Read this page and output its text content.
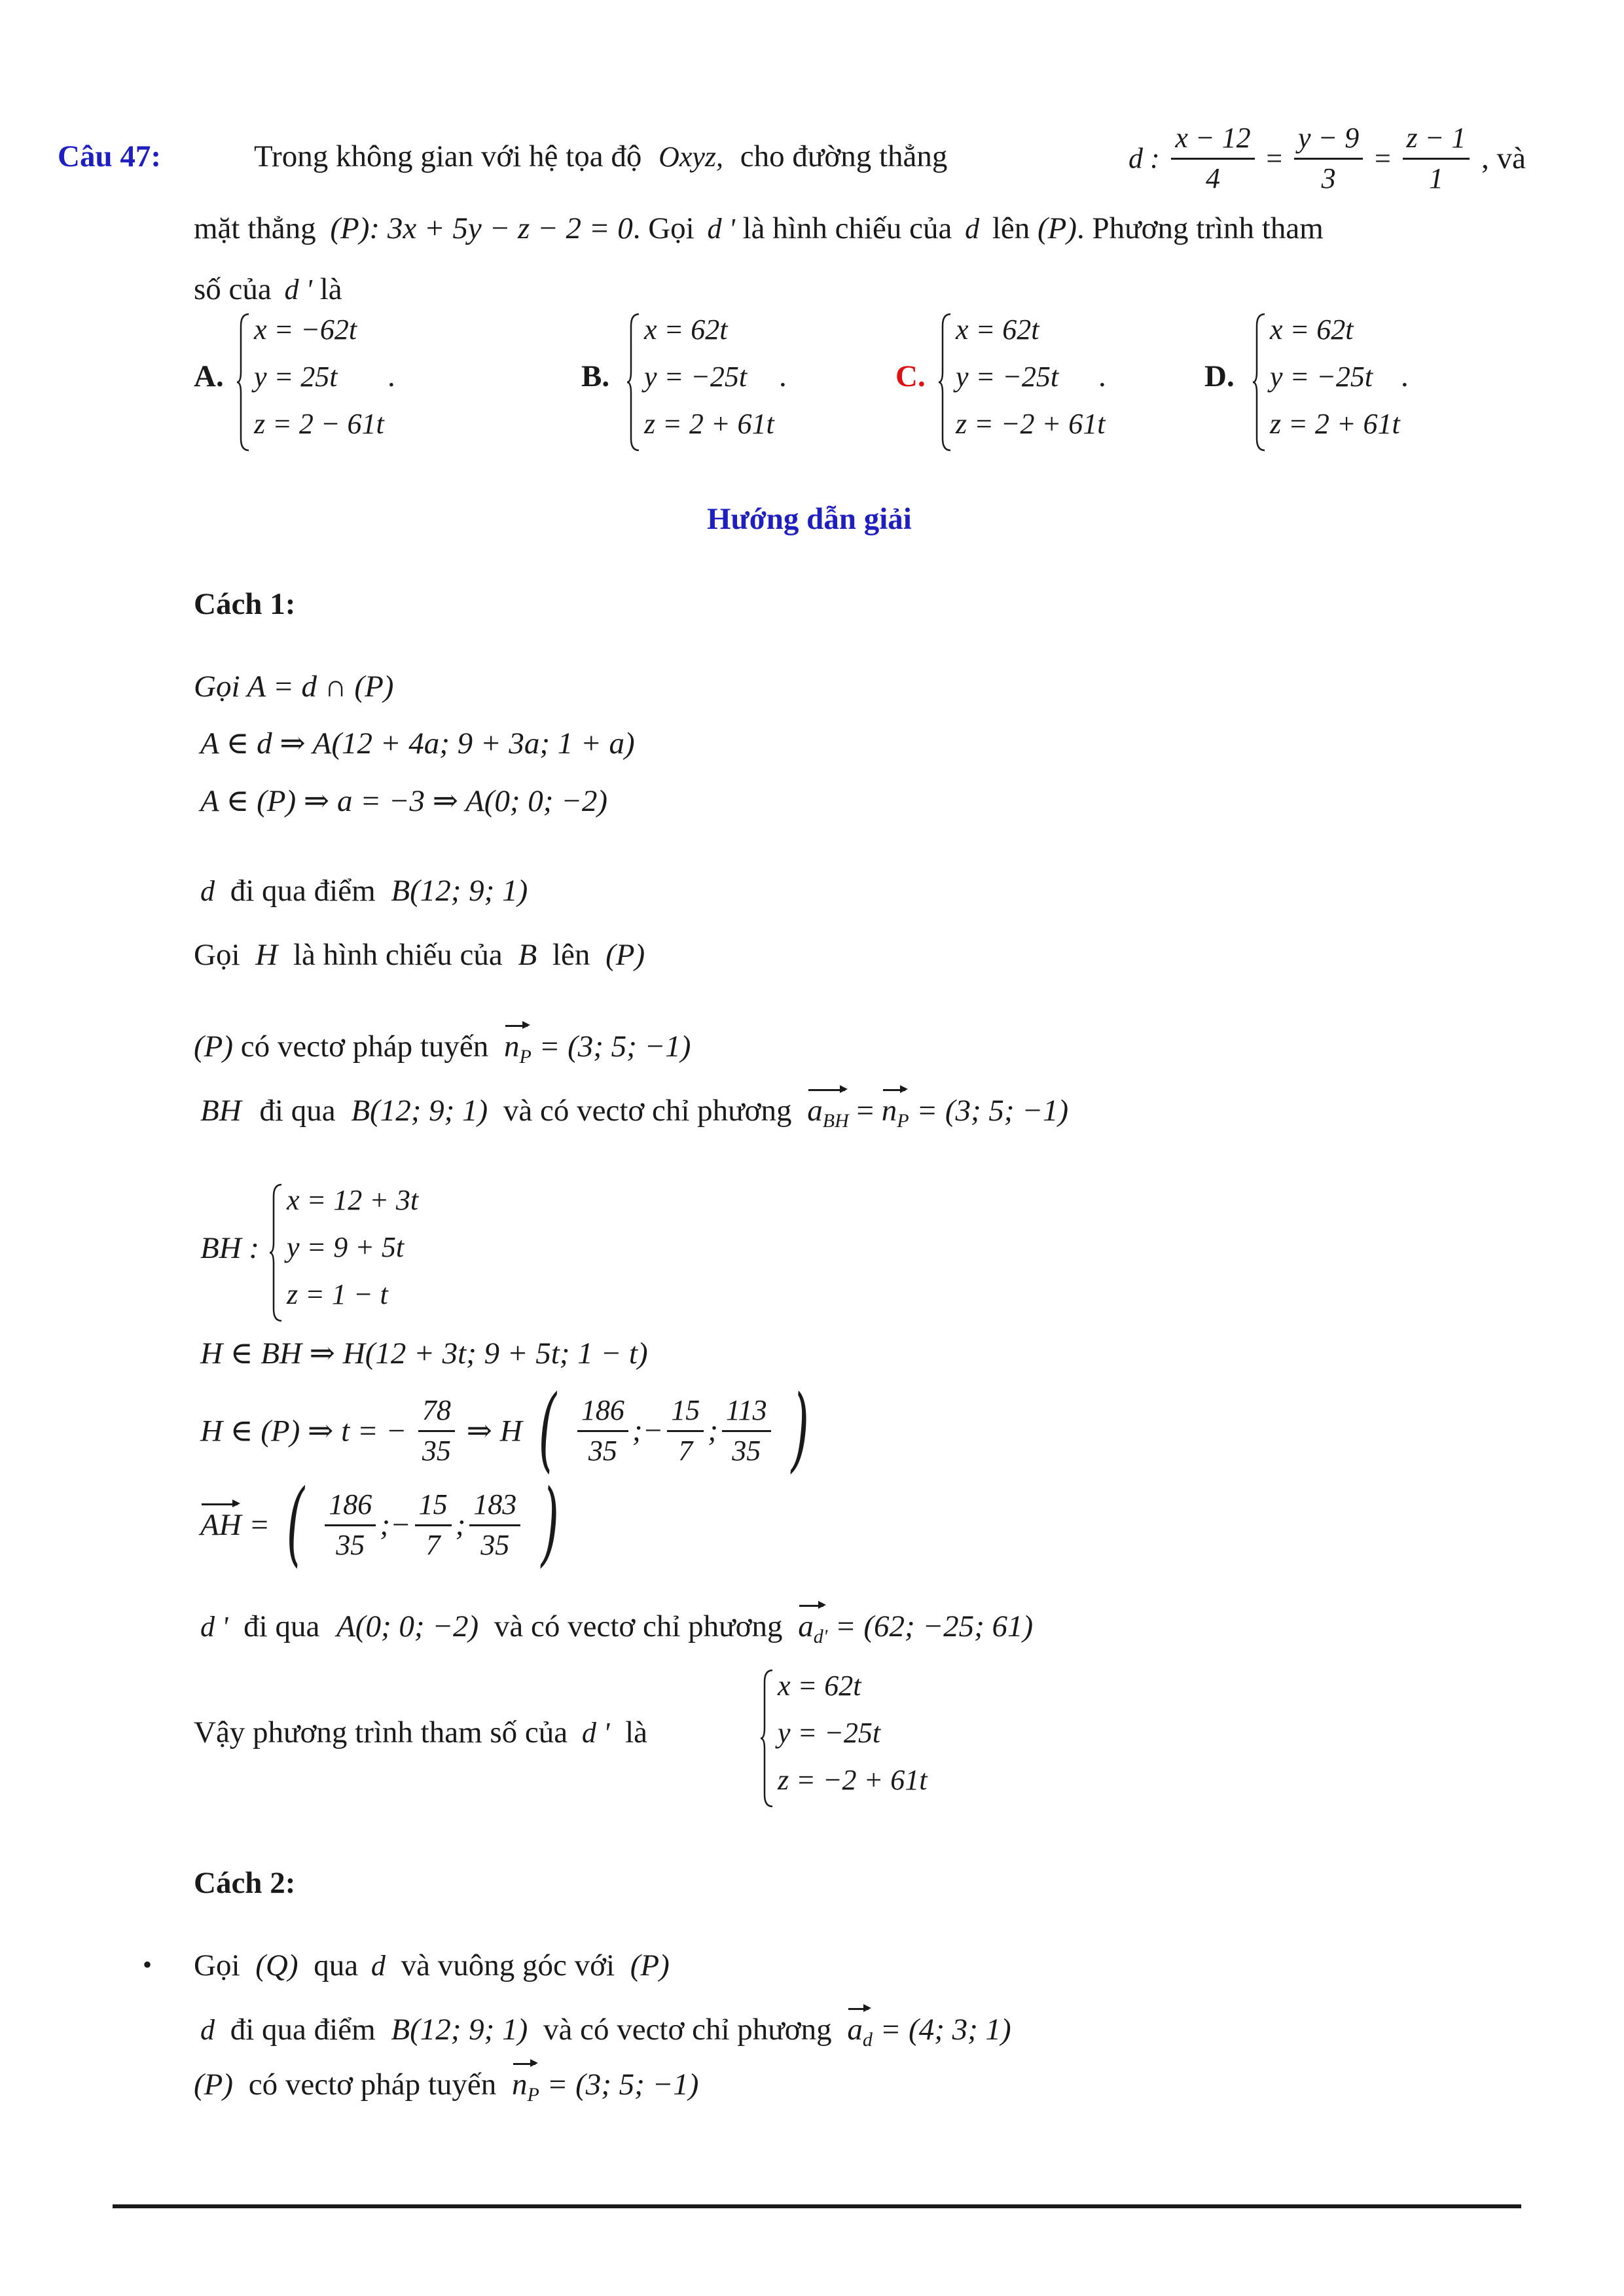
Câu 47:	Trong không gian với hệ tọa độ Oxyz, cho đường thẳng	d : $\frac{x - 12}{4} = \frac{y - 9}{3} = \frac{z - 1}{1}$ , và
mặt thẳng (P): 3x + 5y − z − 2 = 0. Gọi d ' là hình chiếu của d lên (P). Phương trình tham
số của d ' là
A.
x = −62t
y = 25t
z = 2 − 61t
.	B.
x = 62t
y = −25t
z = 2 + 61t
.	C.
x = 62t
y = −25t
z = −2 + 61t
.	D.
x = 62t
y = −25t
z = 2 + 61t
.
Hướng dẫn giải
Cách 1:
Gọi A = d ∩ (P)
A ∈ d ⇒ A(12 + 4a; 9 + 3a; 1 + a)
A ∈ (P) ⇒ a = −3 ⇒ A(0; 0; −2)
d đi qua điểm B(12; 9; 1)
Gọi H là hình chiếu của B lên (P)
(P) có vectơ pháp tuyến $n_P = (3$; 5; −1)
BH đi qua B(12; 9; 1) và có vectơ chỉ phương $a_{BH} = n_P = (3$; 5; −1)
BH :
x = 12 + 3t
y = 9 + 5t
z = 1 − t
H ∈ BH ⇒ H(12 + 3t; 9 + 5t; 1 − t)
H ∈ (P) ⇒ t = − $\frac{78}{35}$ ⇒ H ( $\frac{186}{35}$ ;− $\frac{15}{7}$ ; $\frac{113}{35}$ )
AH = ( $\frac{186}{35}$ ;− $\frac{15}{7}$ ; $\frac{183}{35}$ )
d ' đi qua A(0; 0; −2) và có vectơ chỉ phương $a_{d'} = (62$; −25; 61)
Vậy phương trình tham số của d ' là
x = 62t
y = −25t
z = −2 + 61t
Cách 2:
• Gọi (Q) qua d và vuông góc với (P)
d đi qua điểm B(12; 9; 1) và có vectơ chỉ phương $a_d = (4$; 3; 1)
(P) có vectơ pháp tuyến $n_P = (3$; 5; −1)
